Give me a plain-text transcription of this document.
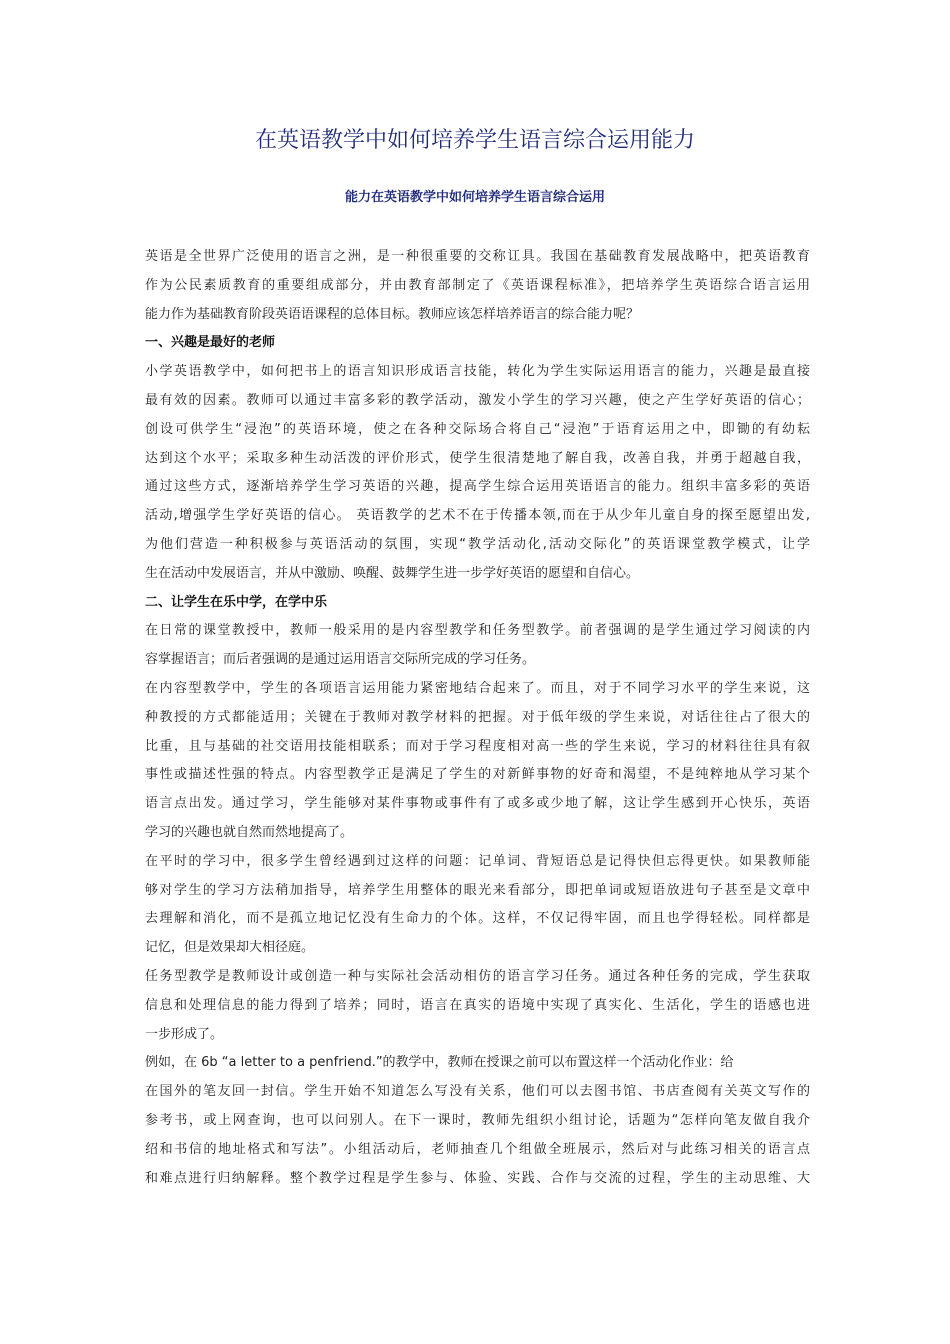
在英语教学中如何培养学生语言综合运用能力
能力在英语教学中如何培养学生语言综合运用
英语是全世界广泛使用的语言之洲，是一种很重要的交称讧具。我国在基础教育发展战略中，把英语教育
作为公民素质教育的重要组成部分，并由教育部制定了《英语课程标准》，把培养学生英语综合语言运用
能力作为基础教育阶段英语语课程的总体目标。教师应该怎样培养语言的综合能力呢？
一、兴趣是最好的老师
小学英语教学中，如何把书上的语言知识形成语言技能，转化为学生实际运用语言的能力，兴趣是最直接
最有效的因素。教师可以通过丰富多彩的教学活动，激发小学生的学习兴趣，使之产生学好英语的信心；
创设可供学生“浸泡”的英语环境，使之在各种交际场合将自己“浸泡”于语育运用之中，即锄的有幼耘
达到这个水平；采取多种生动活泼的评价形式，使学生很清楚地了解自我，改善自我，并勇于超越自我，
通过这些方式，逐渐培养学生学习英语的兴趣，提高学生综合运用英语语言的能力。组织丰富多彩的英语
活动,增强学生学好英语的信心。 英语教学的艺术不在于传播本领,而在于从少年儿童自身的探至愿望出发,
为他们营造一种积极参与英语活动的氛围，实现“教学活动化,活动交际化”的英语课堂教学模式，让学
生在活动中发展语言，并从中激励、唤醒、鼓舞学生进一步学好英语的愿望和自信心。
二、让学生在乐中学，在学中乐
在日常的课堂教授中，教师一般采用的是内容型教学和任务型教学。前者强调的是学生通过学习阅读的内
容掌握语言；而后者强调的是通过运用语言交际所完成的学习任务。
在内容型教学中，学生的各项语言运用能力紧密地结合起来了。而且，对于不同学习水平的学生来说，这
种教授的方式都能适用；关键在于教师对教学材料的把握。对于低年级的学生来说，对话往往占了很大的
比重，且与基础的社交语用技能相联系；而对于学习程度相对高一些的学生来说，学习的材料往往具有叙
事性或描述性强的特点。内容型教学正是满足了学生的对新鲜事物的好奇和渴望，不是纯粹地从学习某个
语言点出发。通过学习，学生能够对某件事物或事件有了或多或少地了解，这让学生感到开心快乐，英语
学习的兴趣也就自然而然地提高了。
在平时的学习中，很多学生曾经遇到过这样的问题：记单词、背短语总是记得快但忘得更快。如果教师能
够对学生的学习方法稍加指导，培养学生用整体的眼光来看部分，即把单词或短语放进句子甚至是文章中
去理解和消化，而不是孤立地记忆没有生命力的个体。这样，不仅记得牢固，而且也学得轻松。同样都是
记忆，但是效果却大相径庭。
任务型教学是教师设计或创造一种与实际社会活动相仿的语言学习任务。通过各种任务的完成，学生获取
信息和处理信息的能力得到了培养；同时，语言在真实的语境中实现了真实化、生活化，学生的语感也进
一步形成了。
例如，在 6b “a letter to a penfriend.”的教学中，教师在授课之前可以布置这样一个活动化作业：给
在国外的笔友回一封信。学生开始不知道怎么写没有关系，他们可以去图书馆、书店查阅有关英文写作的
参考书，或上网查询，也可以问别人。在下一课时，教师先组织小组讨论，话题为“怎样向笔友做自我介
绍和书信的地址格式和写法”。小组活动后，老师抽查几个组做全班展示，然后对与此练习相关的语言点
和难点进行归纳解释。整个教学过程是学生参与、体验、实践、合作与交流的过程，学生的主动思维、大
